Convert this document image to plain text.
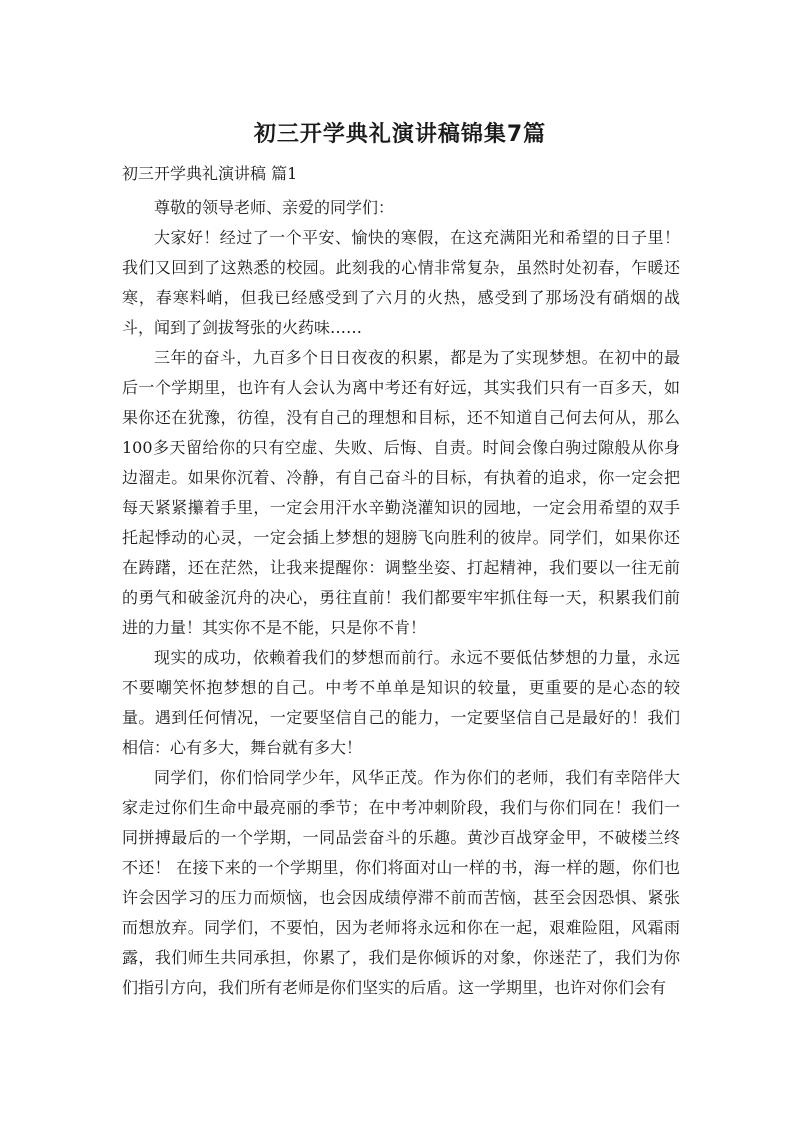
初三开学典礼演讲稿锦集7篇

初三开学典礼演讲稿 篇1

尊敬的领导老师、亲爱的同学们：

大家好！经过了一个平安、愉快的寒假，在这充满阳光和希望的日子里！我们又回到了这熟悉的校园。此刻我的心情非常复杂，虽然时处初春，乍暖还寒，春寒料峭，但我已经感受到了六月的火热，感受到了那场没有硝烟的战斗，闻到了剑拔弩张的火药味……

三年的奋斗，九百多个日日夜夜的积累，都是为了实现梦想。在初中的最后一个学期里，也许有人会认为离中考还有好远，其实我们只有一百多天，如果你还在犹豫，彷徨，没有自己的理想和目标，还不知道自己何去何从，那么100多天留给你的只有空虚、失败、后悔、自责。时间会像白驹过隙般从你身边溜走。如果你沉着、冷静，有自己奋斗的目标，有执着的追求，你一定会把每天紧紧攥着手里，一定会用汗水辛勤浇灌知识的园地，一定会用希望的双手托起悸动的心灵，一定会插上梦想的翅膀飞向胜利的彼岸。同学们，如果你还在踌躇，还在茫然，让我来提醒你：调整坐姿、打起精神，我们要以一往无前的勇气和破釜沉舟的决心，勇往直前！我们都要牢牢抓住每一天，积累我们前进的力量！其实你不是不能，只是你不肯！

现实的成功，依赖着我们的梦想而前行。永远不要低估梦想的力量，永远不要嘲笑怀抱梦想的自己。中考不单单是知识的较量，更重要的是心态的较量。遇到任何情况，一定要坚信自己的能力，一定要坚信自己是最好的！我们相信：心有多大，舞台就有多大！

同学们，你们恰同学少年，风华正茂。作为你们的老师，我们有幸陪伴大家走过你们生命中最亮丽的季节；在中考冲刺阶段，我们与你们同在！我们一同拼搏最后的一个学期，一同品尝奋斗的乐趣。黄沙百战穿金甲，不破楼兰终不还！ 在接下来的一个学期里，你们将面对山一样的书，海一样的题，你们也许会因学习的压力而烦恼，也会因成绩停滞不前而苦恼，甚至会因恐惧、紧张而想放弃。同学们，不要怕，因为老师将永远和你在一起，艰难险阻，风霜雨露，我们师生共同承担，你累了，我们是你倾诉的对象，你迷茫了，我们为你们指引方向，我们所有老师是你们坚实的后盾。这一学期里，也许对你们会有
